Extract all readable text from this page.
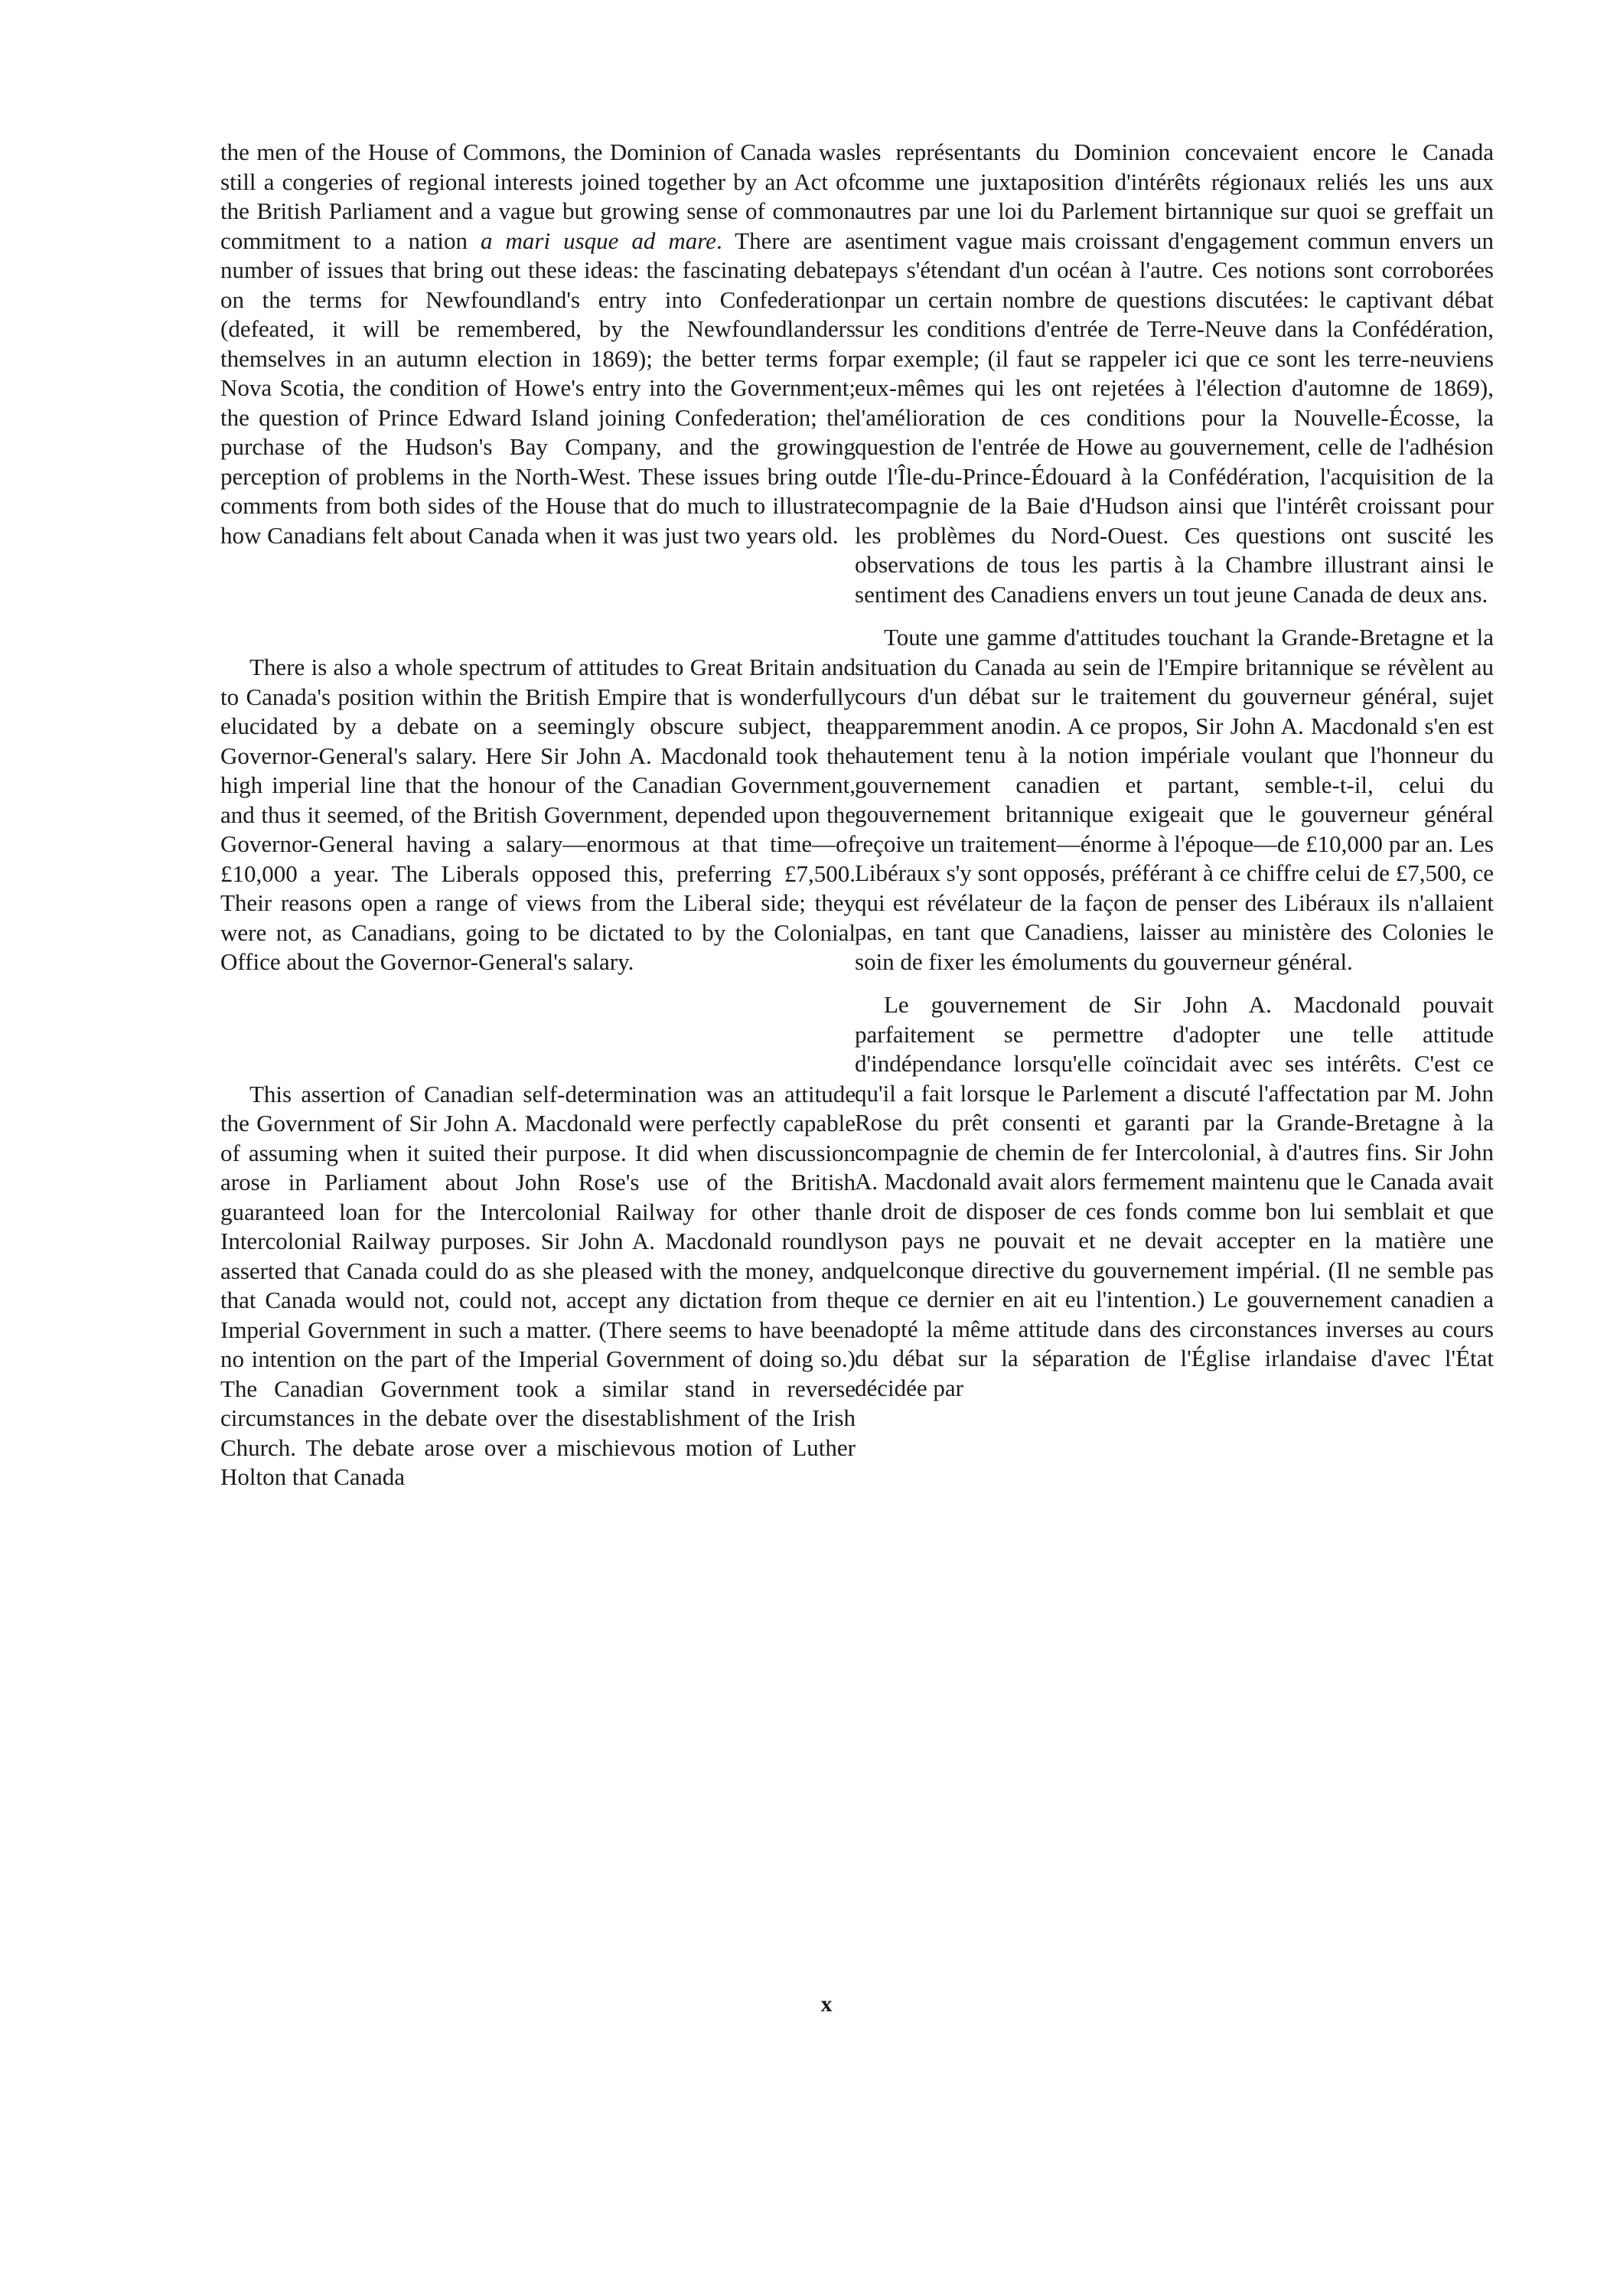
the men of the House of Commons, the Dominion of Canada was still a congeries of regional interests joined together by an Act of the British Parliament and a vague but growing sense of common commitment to a nation a mari usque ad mare. There are a number of issues that bring out these ideas: the fascinating debate on the terms for Newfoundland's entry into Confederation (defeated, it will be remembered, by the Newfoundlanders themselves in an autumn election in 1869); the better terms for Nova Scotia, the condition of Howe's entry into the Government; the question of Prince Edward Island joining Confederation; the purchase of the Hudson's Bay Company, and the growing perception of problems in the North-West. These issues bring out comments from both sides of the House that do much to illustrate how Canadians felt about Canada when it was just two years old.

There is also a whole spectrum of attitudes to Great Britain and to Canada's position within the British Empire that is wonderfully elucidated by a debate on a seemingly obscure subject, the Governor-General's salary. Here Sir John A. Macdonald took the high imperial line that the honour of the Canadian Government, and thus it seemed, of the British Government, depended upon the Governor-General having a salary—enormous at that time—of £10,000 a year. The Liberals opposed this, preferring £7,500. Their reasons open a range of views from the Liberal side; they were not, as Canadians, going to be dictated to by the Colonial Office about the Governor-General's salary.

This assertion of Canadian self-determination was an attitude the Government of Sir John A. Macdonald were perfectly capable of assuming when it suited their purpose. It did when discussion arose in Parliament about John Rose's use of the British guaranteed loan for the Intercolonial Railway for other than Intercolonial Railway purposes. Sir John A. Macdonald roundly asserted that Canada could do as she pleased with the money, and that Canada would not, could not, accept any dictation from the Imperial Government in such a matter. (There seems to have been no intention on the part of the Imperial Government of doing so.) The Canadian Government took a similar stand in reverse circumstances in the debate over the disestablishment of the Irish Church. The debate arose over a mischievous motion of Luther Holton that Canada

les représentants du Dominion concevaient encore le Canada comme une juxtaposition d'intérêts régionaux reliés les uns aux autres par une loi du Parlement birtannique sur quoi se greffait un sentiment vague mais croissant d'engagement commun envers un pays s'étendant d'un océan à l'autre. Ces notions sont corroborées par un certain nombre de questions discutées: le captivant débat sur les conditions d'entrée de Terre-Neuve dans la Confédération, par exemple; (il faut se rappeler ici que ce sont les terre-neuviens eux-mêmes qui les ont rejetées à l'élection d'automne de 1869), l'amélioration de ces conditions pour la Nouvelle-Écosse, la question de l'entrée de Howe au gouvernement, celle de l'adhésion de l'Île-du-Prince-Édouard à la Confédération, l'acquisition de la compagnie de la Baie d'Hudson ainsi que l'intérêt croissant pour les problèmes du Nord-Ouest. Ces questions ont suscité les observations de tous les partis à la Chambre illustrant ainsi le sentiment des Canadiens envers un tout jeune Canada de deux ans.

Toute une gamme d'attitudes touchant la Grande-Bretagne et la situation du Canada au sein de l'Empire britannique se révèlent au cours d'un débat sur le traitement du gouverneur général, sujet apparemment anodin. A ce propos, Sir John A. Macdonald s'en est hautement tenu à la notion impériale voulant que l'honneur du gouvernement canadien et partant, semble-t-il, celui du gouvernement britannique exigeait que le gouverneur général reçoive un traitement—énorme à l'époque—de £10,000 par an. Les Libéraux s'y sont opposés, préférant à ce chiffre celui de £7,500, ce qui est révélateur de la façon de penser des Libéraux ils n'allaient pas, en tant que Canadiens, laisser au ministère des Colonies le soin de fixer les émoluments du gouverneur général.

Le gouvernement de Sir John A. Macdonald pouvait parfaitement se permettre d'adopter une telle attitude d'indépendance lorsqu'elle coïncidait avec ses intérêts. C'est ce qu'il a fait lorsque le Parlement a discuté l'affectation par M. John Rose du prêt consenti et garanti par la Grande-Bretagne à la compagnie de chemin de fer Intercolonial, à d'autres fins. Sir John A. Macdonald avait alors fermement maintenu que le Canada avait le droit de disposer de ces fonds comme bon lui semblait et que son pays ne pouvait et ne devait accepter en la matière une quelconque directive du gouvernement impérial. (Il ne semble pas que ce dernier en ait eu l'intention.) Le gouvernement canadien a adopté la même attitude dans des circonstances inverses au cours du débat sur la séparation de l'Église irlandaise d'avec l'État décidée par

x
